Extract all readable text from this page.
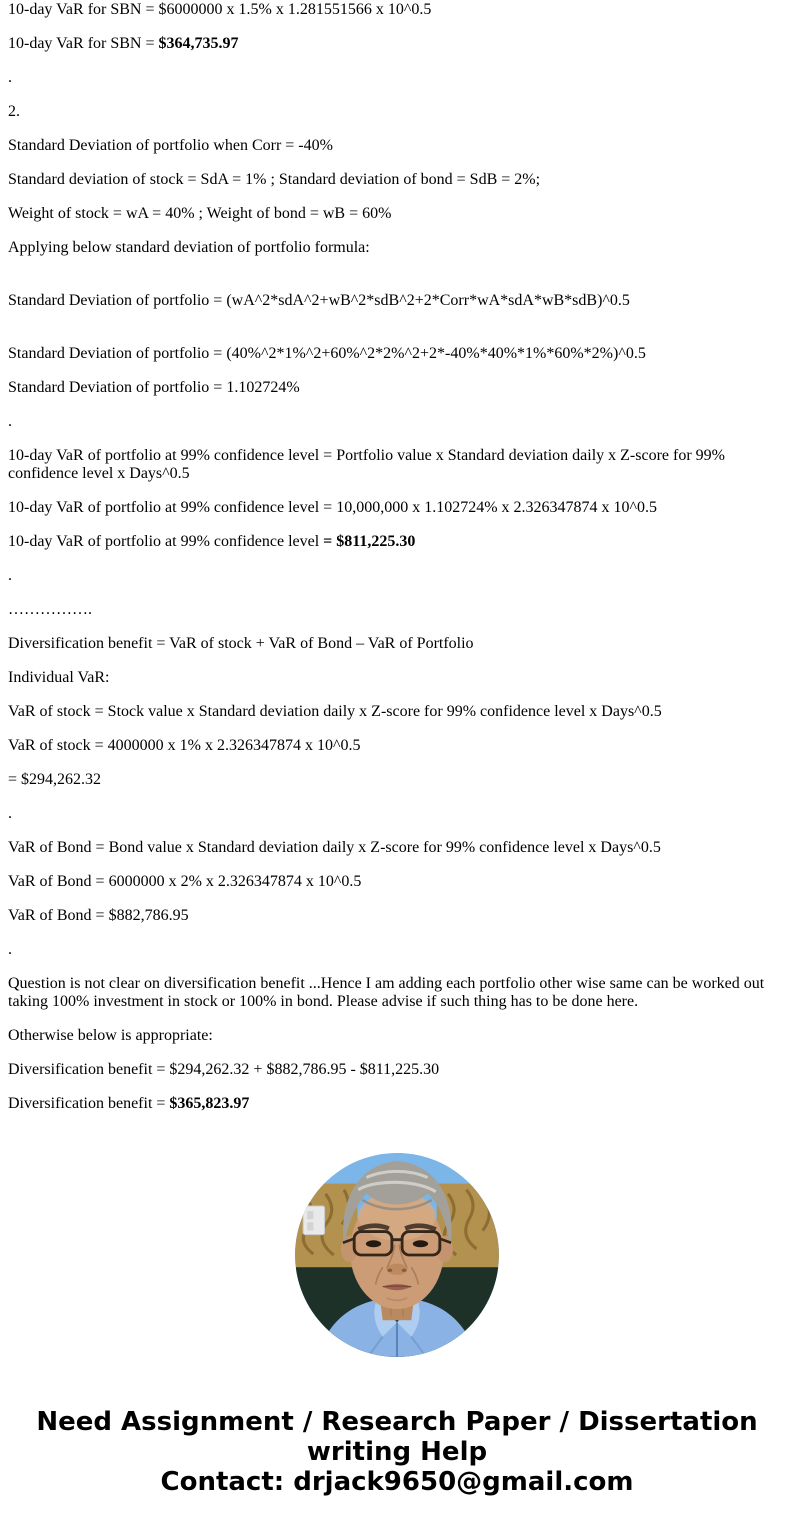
10-day VaR for SBN = $6000000 x 1.5% x 1.281551566 x 10^0.5

10-day VaR for SBN = $364,735.97

.

2.

Standard Deviation of portfolio when Corr = -40%

Standard deviation of stock = SdA = 1% ; Standard deviation of bond = SdB = 2%;

Weight of stock = wA = 40% ; Weight of bond = wB = 60%

Applying below standard deviation of portfolio formula:

Standard Deviation of portfolio = (wA^2*sdA^2+wB^2*sdB^2+2*Corr*wA*sdA*wB*sdB)^0.5

Standard Deviation of portfolio = (40%^2*1%^2+60%^2*2%^2+2*-40%*40%*1%*60%*2%)^0.5

Standard Deviation of portfolio = 1.102724%

.

10-day VaR of portfolio at 99% confidence level = Portfolio value x Standard deviation daily x Z-score for 99% confidence level x Days^0.5

10-day VaR of portfolio at 99% confidence level = 10,000,000 x 1.102724% x 2.326347874 x 10^0.5

10-day VaR of portfolio at 99% confidence level = $811,225.30

.

…………….

Diversification benefit = VaR of stock + VaR of Bond – VaR of Portfolio

Individual VaR:

VaR of stock = Stock value x Standard deviation daily x Z-score for 99% confidence level x Days^0.5

VaR of stock = 4000000 x 1% x 2.326347874 x 10^0.5

= $294,262.32

.

VaR of Bond = Bond value x Standard deviation daily x Z-score for 99% confidence level x Days^0.5

VaR of Bond = 6000000 x 2% x 2.326347874 x 10^0.5

VaR of Bond = $882,786.95

.

Question is not clear on diversification benefit ...Hence I am adding each portfolio other wise same can be worked out taking 100% investment in stock or 100% in bond. Please advise if such thing has to be done here.

Otherwise below is appropriate:

Diversification benefit = $294,262.32 + $882,786.95 - $811,225.30

Diversification benefit = $365,823.97

Need Assignment / Research Paper / Dissertation
writing Help
Contact: drjack9650@gmail.com
